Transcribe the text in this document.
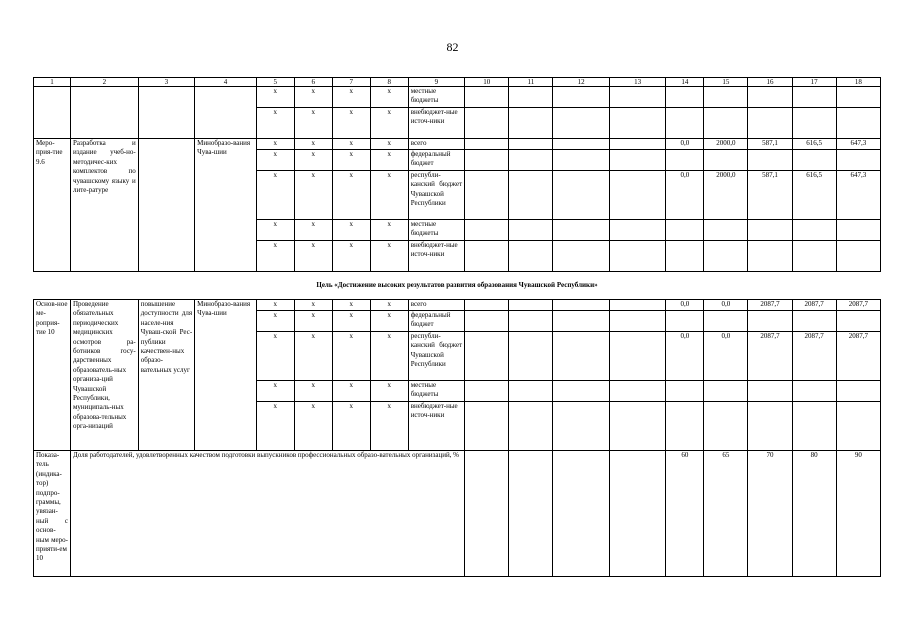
82
1	2	3	4	5	6	7	8	9	10	11	12	13	14	15	16	17	18
				x	x	x	x	местные бюджеты									
				x	x	x	x	внебюджет-ные источ-ники									
Меро-прия-тие 9.6	Разработка и издание учеб-но-методичес-ких комплектов по чувашскому языку и лите-ратуре		Минобразо-вания Чува-шии	x	x	x	x	всего					0,0	2000,0	587,1	616,5	647,3
				x	x	x	x	федеральный бюджет									
				x	x	x	x	республи-канский бюджет Чувашской Республики					0,0	2000,0	587,1	616,5	647,3
				x	x	x	x	местные бюджеты									
				x	x	x	x	внебюджет-ные источ-ники									
Цель «Достижение высоких результатов развития образования Чувашской Республики»																	
Основ-ное ме-роприя-тие 10	Проведение обязательных периодических медицинских осмотров ра-ботников госу-дарственных образователь-ных организа-ций Чувашской Республики, муниципаль-ных образова-тельных орга-низаций	повышение доступности для населе-ния Чуваш-ской Рес-публики качествен-ных образо-вательных услуг	Минобразо-вания Чува-шии	x	x	x	x	всего					0,0	0,0	2087,7	2087,7	2087,7
				x	x	x	x	федеральный бюджет									
				x	x	x	x	республи-канский бюджет Чувашской Республики					0,0	0,0	2087,7	2087,7	2087,7
				x	x	x	x	местные бюджеты									
				x	x	x	x	внебюджет-ные источ-ники									
Показа-тель (индика-тор) подпро-граммы, увязан-ный с основ-ным меро-прияти-ем 10	Доля работодателей, удовлетворенных качеством подготовки выпускников профессиональных образо-вательных организаций, %												60	65	70	80	90
